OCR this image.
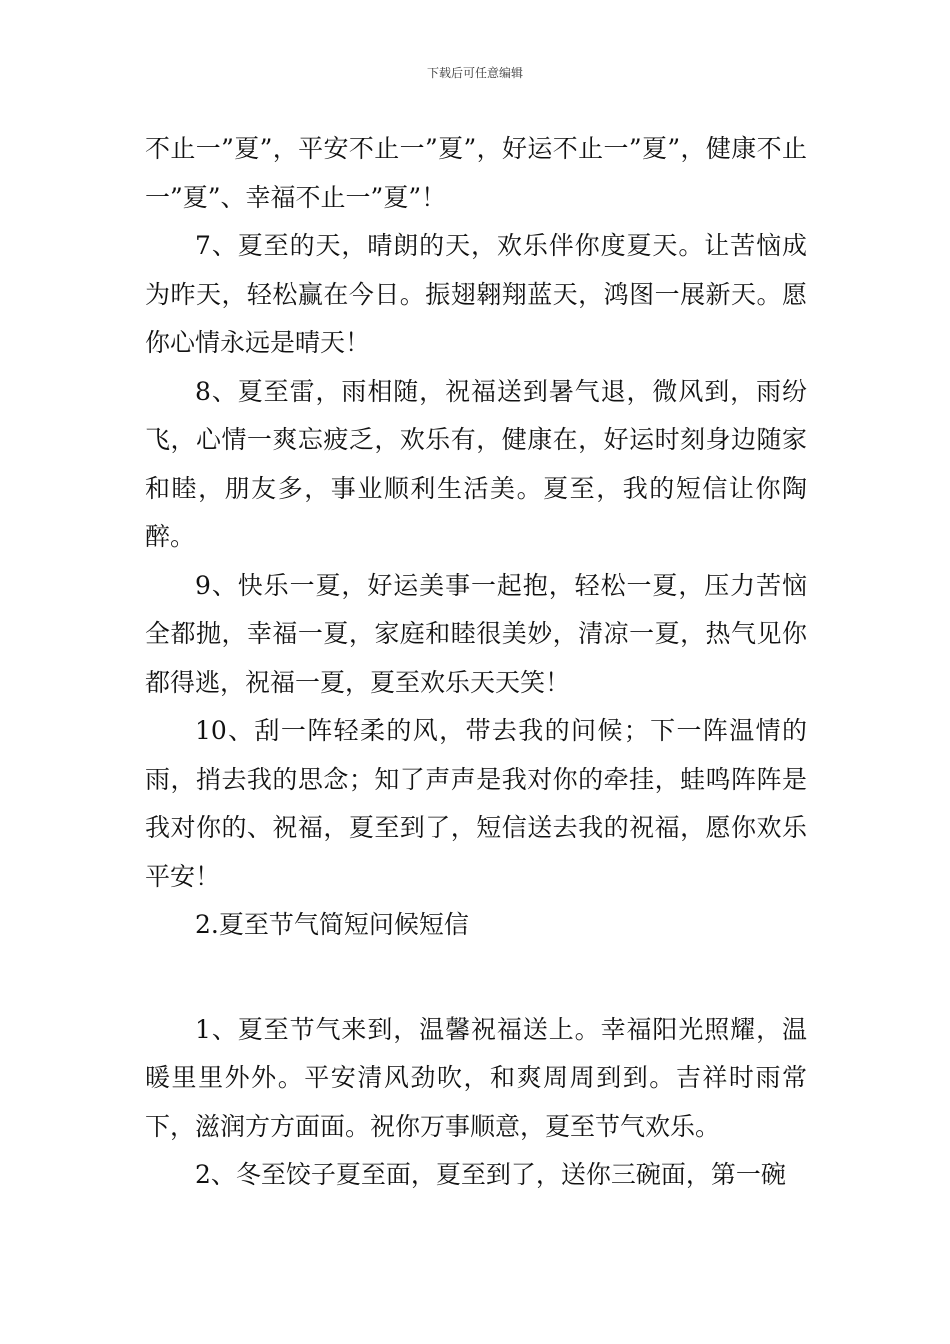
下载后可任意编辑

不止一”夏”，平安不止一”夏”，好运不止一”夏”，健康不止一”夏”、幸福不止一”夏”！

7、夏至的天，晴朗的天，欢乐伴你度夏天。让苦恼成为昨天，轻松赢在今日。振翅翱翔蓝天，鸿图一展新天。愿你心情永远是晴天！

8、夏至雷，雨相随，祝福送到暑气退，微风到，雨纷飞，心情一爽忘疲乏，欢乐有，健康在，好运时刻身边随家和睦，朋友多，事业顺利生活美。夏至，我的短信让你陶醉。

9、快乐一夏，好运美事一起抱，轻松一夏，压力苦恼全都抛，幸福一夏，家庭和睦很美妙，清凉一夏，热气见你都得逃，祝福一夏，夏至欢乐天天笑！

10、刮一阵轻柔的风，带去我的问候；下一阵温情的雨，捎去我的思念；知了声声是我对你的牵挂，蛙鸣阵阵是我对你的、祝福，夏至到了，短信送去我的祝福，愿你欢乐平安！

2.夏至节气简短问候短信

1、夏至节气来到，温馨祝福送上。幸福阳光照耀，温暖里里外外。平安清风劲吹，和爽周周到到。吉祥时雨常下，滋润方方面面。祝你万事顺意，夏至节气欢乐。

2、冬至饺子夏至面，夏至到了，送你三碗面，第一碗
